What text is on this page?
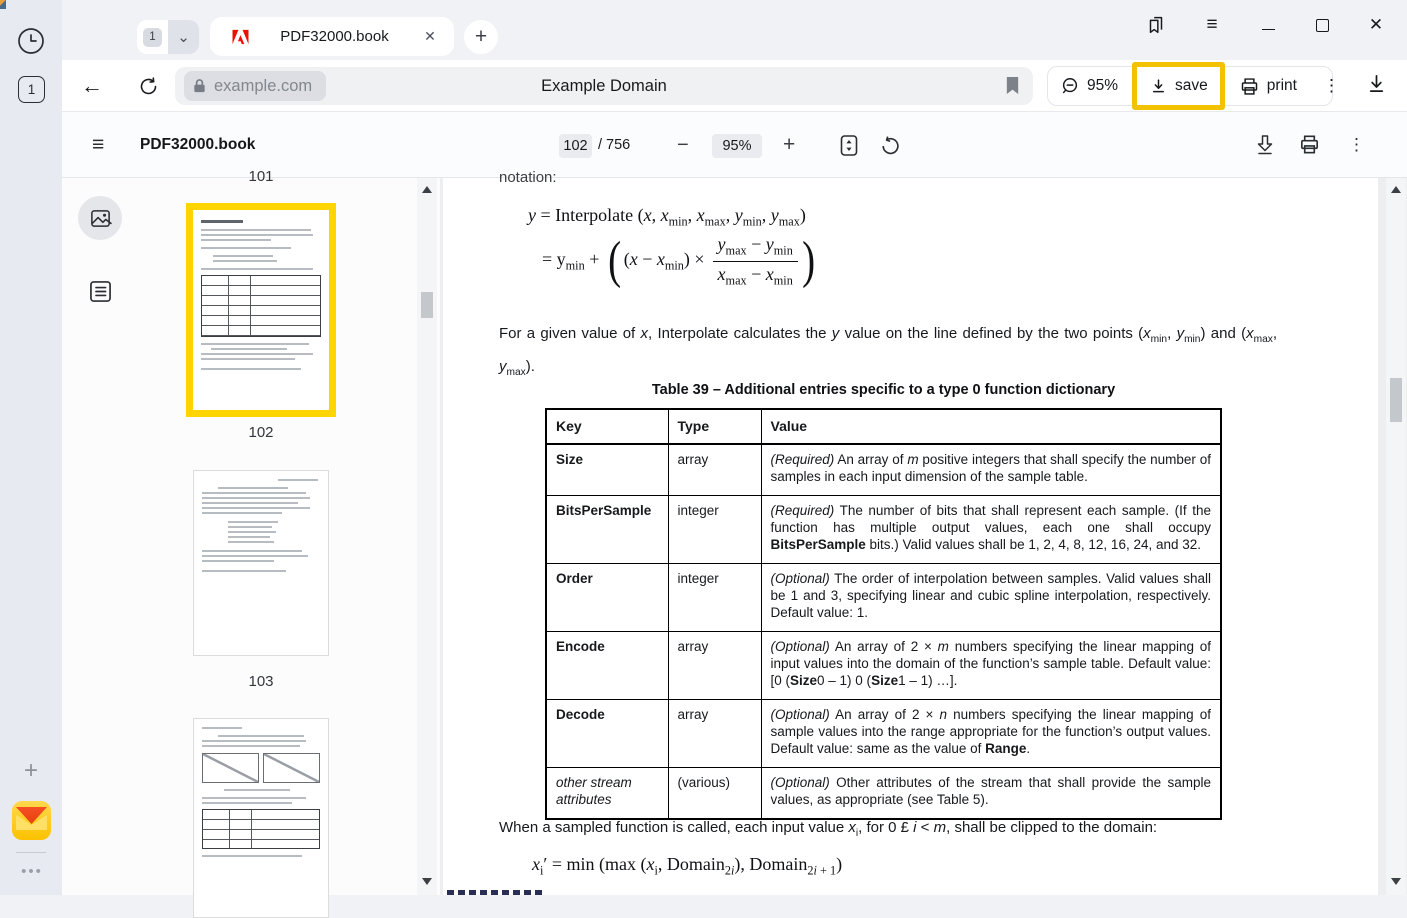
1
+
•••
1	⌄	PDF32000.book	✕	+
≡	✕
←	example.com	Example Domain	95%	save	print	⋮
≡ PDF32000.book	102 / 756 −	95%	+	⋮
101
102
103
notation:
y = Interpolate (x, $x_{min}$, $x_{max}$, $y_{min}$, $y_{max}$)
= $y_{min}$ + ( $(x - x_{min}) \times \frac{y_{max} - y_{min}}{x_{max} - x_{min}}$ )
For a given value of x, Interpolate calculates the y value on the line defined by the two points ($x_{min}$, $y_{min}$) and ($x_{max}$, $y_{max}$).
Table 39 – Additional entries specific to a type 0 function dictionary
Key	Type	Value
Size	array	(Required) An array of m positive integers that shall specify the number of samples in each input dimension of the sample table.
BitsPerSample	integer	(Required) The number of bits that shall represent each sample. (If the function has multiple output values, each one shall occupy BitsPerSample bits.) Valid values shall be 1, 2, 4, 8, 12, 16, 24, and 32.
Order	integer	(Optional) The order of interpolation between samples. Valid values shall be 1 and 3, specifying linear and cubic spline interpolation, respectively. Default value: 1.
Encode	array	(Optional) An array of 2 × m numbers specifying the linear mapping of input values into the domain of the function’s sample table. Default value: [0 (Size0 – 1) 0 (Size1 – 1) …].
Decode	array	(Optional) An array of 2 × n numbers specifying the linear mapping of sample values into the range appropriate for the function’s output values. Default value: same as the value of Range.
other stream attributes	(various)	(Optional) Other attributes of the stream that shall provide the sample values, as appropriate (see Table 5).
When a sampled function is called, each input value $x_i$, for 0 £ i < m, shall be clipped to the domain:
$x_i' = \min (\max$ ($x_i$, Domain$_{2i}$), Domain$_{2i + 1}$)
